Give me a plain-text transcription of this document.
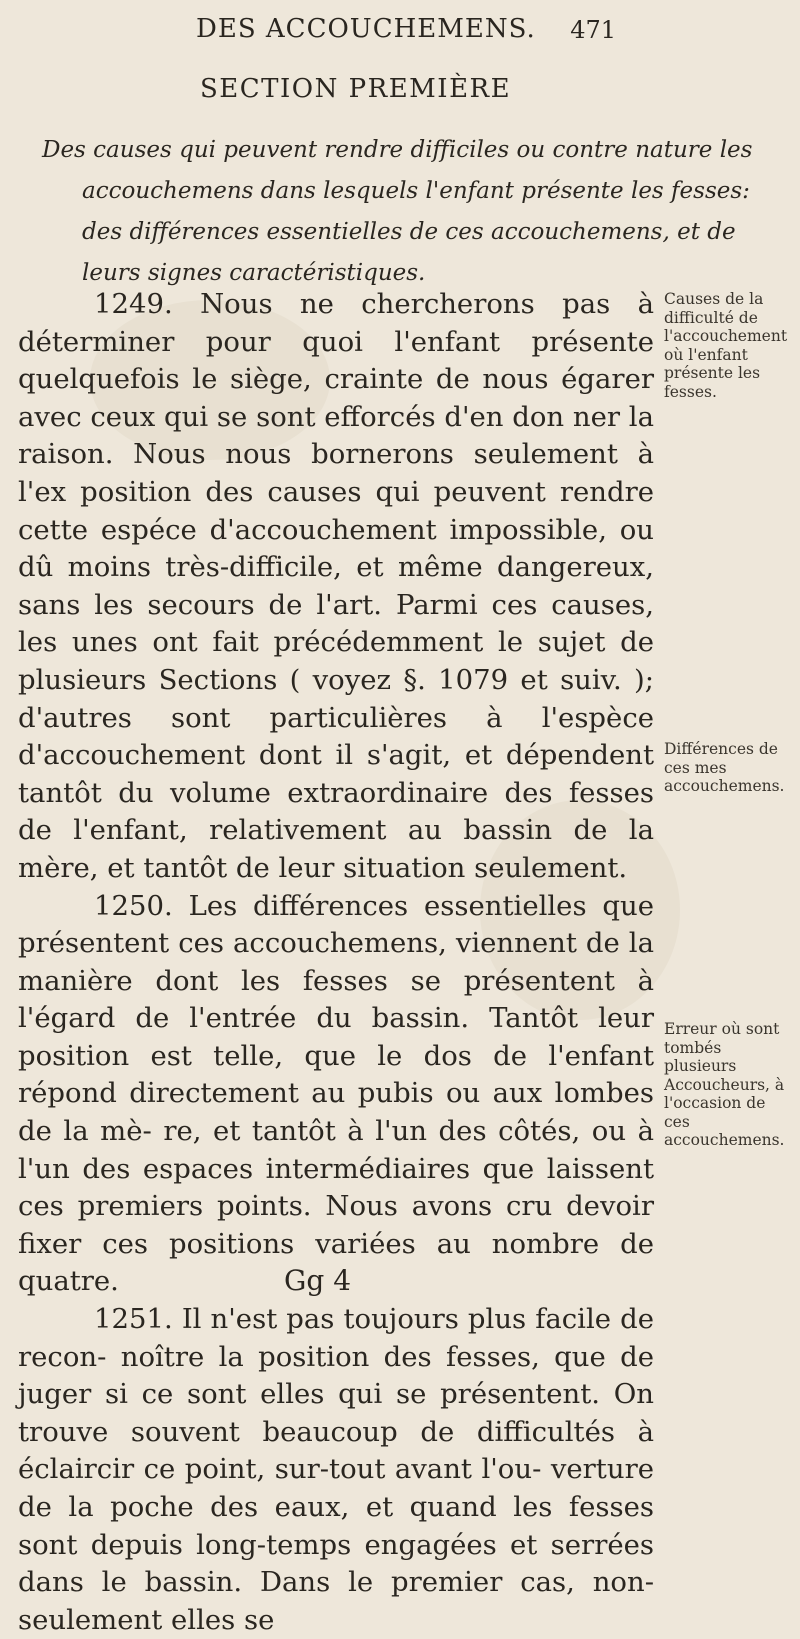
DES ACCOUCHEMENS. 471
SECTION PREMIÈRE
Des causes qui peuvent rendre difficiles ou contre nature les accouchemens dans lesquels l'enfant présente les fesses: des différences essentielles de ces accouchemens, et de leurs signes caractéristiques.

1249. Nous ne chercherons pas à déterminer pour quoi l'enfant présente quelquefois le siège, crainte de nous égarer avec ceux qui se sont efforcés d'en don ner la raison. Nous nous bornerons seulement à l'ex position des causes qui peuvent rendre cette espéce d'accouchement impossible, ou dû moins très-difficile, et même dangereux, sans les secours de l'art. Parmi ces causes, les unes ont fait précédemment le sujet de plusieurs Sections ( voyez §. 1079 et suiv. ); d'autres sont particulières à l'espèce d'accouchement dont il s'agit, et dépendent tantôt du volume extraordinaire des fesses de l'enfant, relativement au bassin de la mère, et tantôt de leur situation seulement.

1250. Les différences essentielles que présentent ces accouchemens, viennent de la manière dont les fesses se présentent à l'égard de l'entrée du bassin. Tantôt leur position est telle, que le dos de l'enfant répond directement au pubis ou aux lombes de la mè- re, et tantôt à l'un des côtés, ou à l'un des espaces intermédiaires que laissent ces premiers points. Nous avons cru devoir fixer ces positions variées au nombre de quatre.

1251. Il n'est pas toujours plus facile de recon- noître la position des fesses, que de juger si ce sont elles qui se présentent. On trouve souvent beaucoup de difficultés à éclaircir ce point, sur-tout avant l'ou- verture de la poche des eaux, et quand les fesses sont depuis long-temps engagées et serrées dans le bassin. Dans le premier cas, non-seulement elles se

Causes de la difficulté de l'accouchement où l'enfant présente les fesses.
Différences de ces mes accouchemens.
Erreur où sont tombés plusieurs Accoucheurs, à l'occasion de ces accouchemens.
Gg 4
